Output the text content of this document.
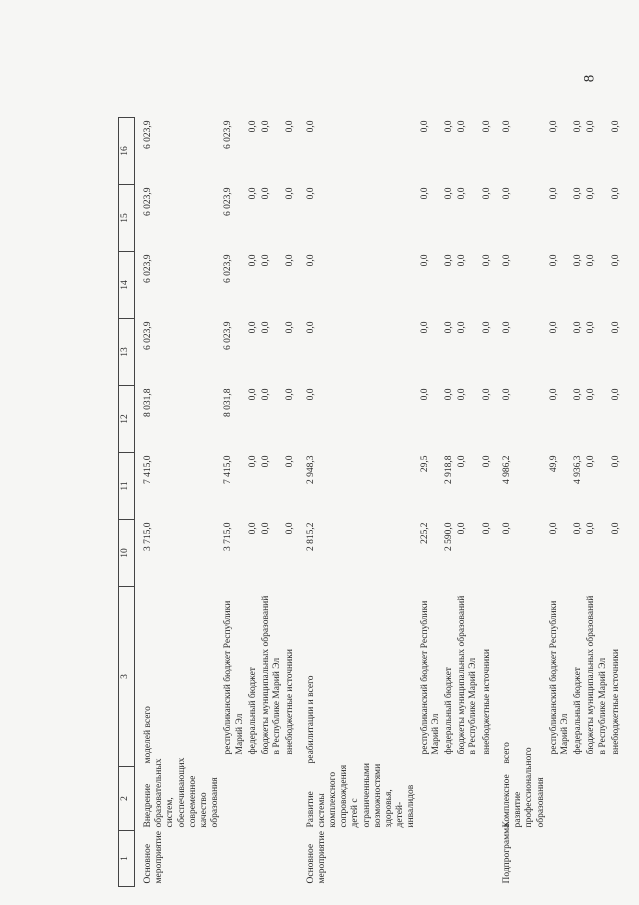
8
1	2	3	10	11	12	13	14	15	16
Основное мероприятие	Внедрение образовательных систем, обеспечивающих современное качество образования	моделей всего	3 715,0	7 415,0	8 031,8	6 023,9	6 023,9	6 023,9	6 023,9
		республиканский бюджет Республики Марий Эл	3 715,0	7 415,0	8 031,8	6 023,9	6 023,9	6 023,9	6 023,9
		федеральный бюджет	0,0	0,0	0,0	0,0	0,0	0,0	0,0
		бюджеты муниципальных образований в Республике Марий Эл	0,0	0,0	0,0	0,0	0,0	0,0	0,0
		внебюджетные источники	0,0	0,0	0,0	0,0	0,0	0,0	0,0
Основное мероприятие	Развитие системы комплексного сопровождения детей с ограниченными возможностями здоровья, детей-инвалидов	реабилитации и всего	2 815,2	2 948,3	0,0	0,0	0,0	0,0	0,0
		республиканский бюджет Республики Марий Эл	225,2	29,5	0,0	0,0	0,0	0,0	0,0
		федеральный бюджет	2 590,0	2 918,8	0,0	0,0	0,0	0,0	0,0
		бюджеты муниципальных образований в Республике Марий Эл	0,0	0,0	0,0	0,0	0,0	0,0	0,0
		внебюджетные источники	0,0	0,0	0,0	0,0	0,0	0,0	0,0
Подпрограмма	Комплексное развитие профессионального образования	всего	0,0	4 986,2	0,0	0,0	0,0	0,0	0,0
		республиканский бюджет Республики Марий Эл	0,0	49,9	0,0	0,0	0,0	0,0	0,0
		федеральный бюджет	0,0	4 936,3	0,0	0,0	0,0	0,0	0,0
		бюджеты муниципальных образований в Республике Марий Эл	0,0	0,0	0,0	0,0	0,0	0,0	0,0
		внебюджетные источники	0,0	0,0	0,0	0,0	0,0	0,0	0,0
